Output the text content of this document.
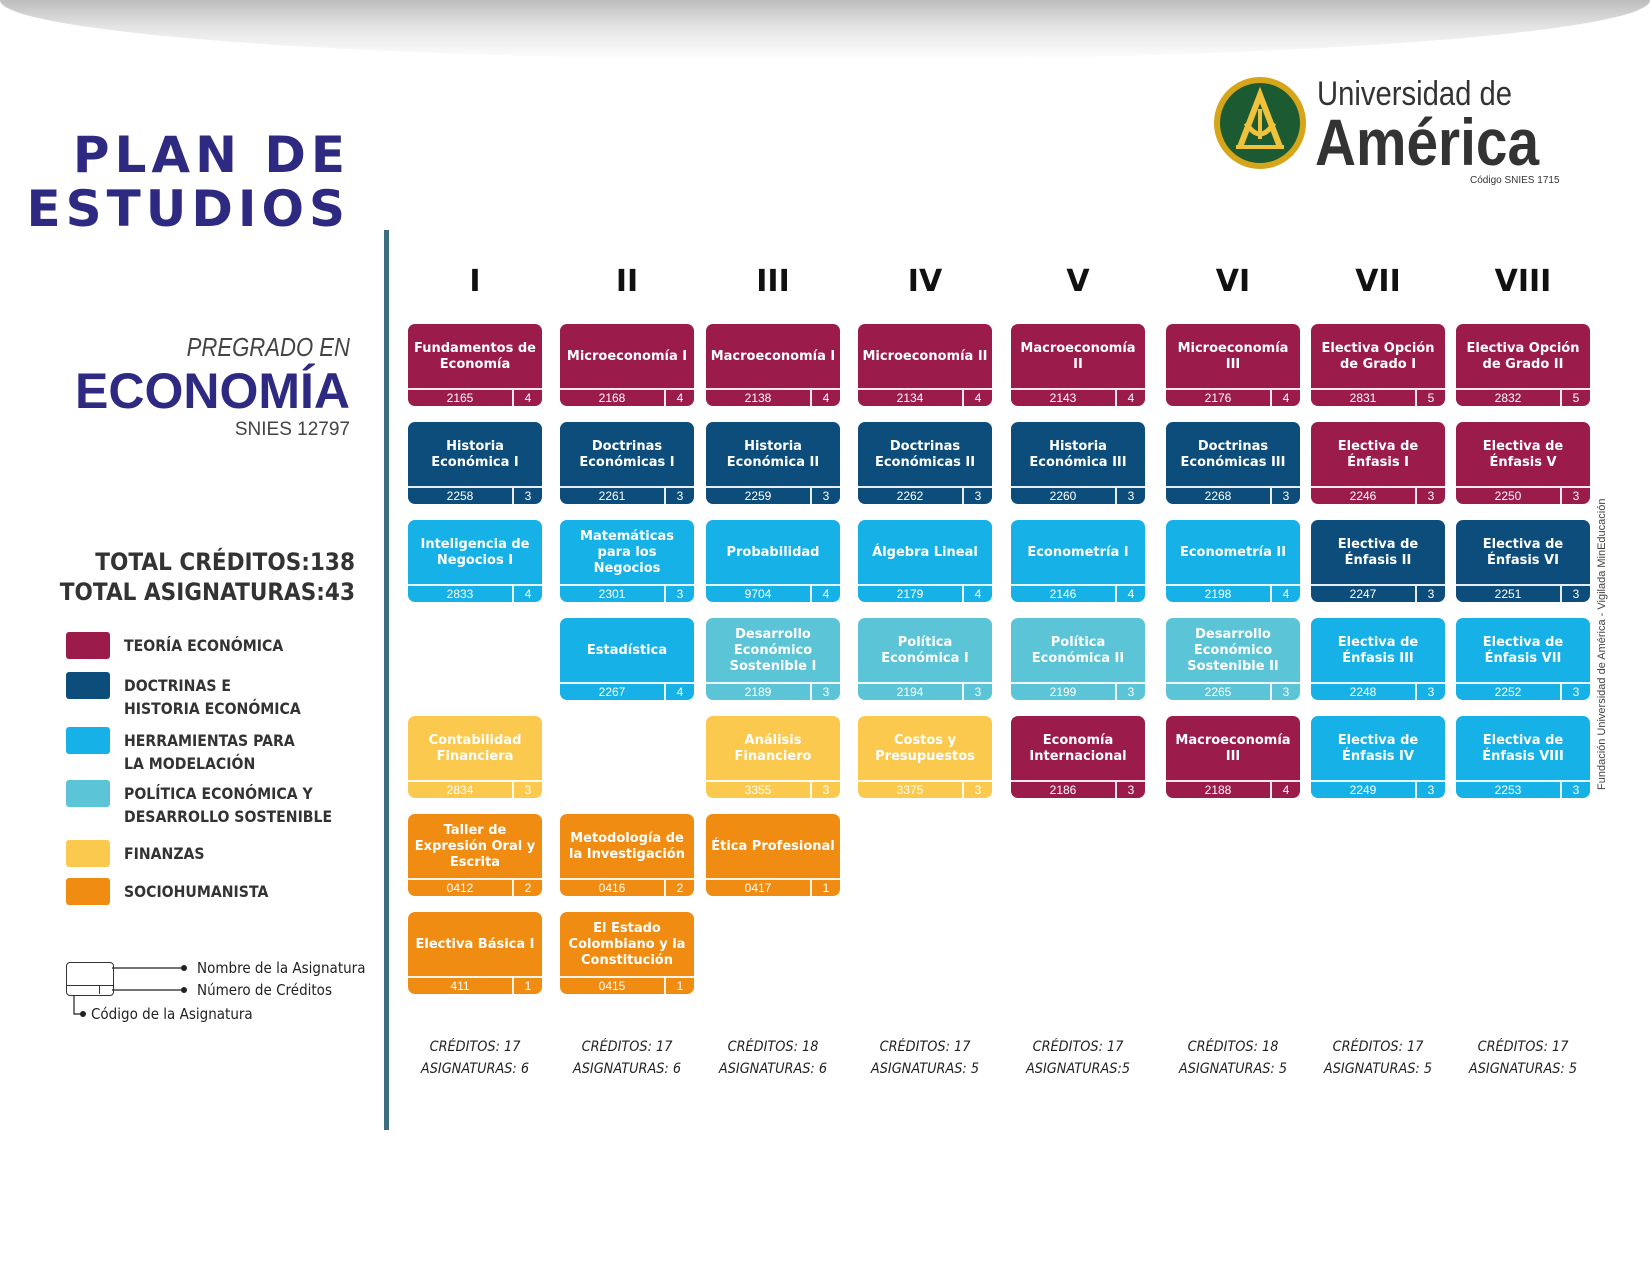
PLAN DE
ESTUDIOS
PREGRADO EN
ECONOMÍA
SNIES 12797
TOTAL CRÉDITOS:138
TOTAL ASIGNATURAS:43
TEORÍA ECONÓMICA
DOCTRINAS E
HISTORIA ECONÓMICA
HERRAMIENTAS PARA
LA MODELACIÓN
POLÍTICA ECONÓMICA Y
DESARROLLO SOSTENIBLE
FINANZAS
SOCIOHUMANISTA
Nombre de la Asignatura
Número de Créditos
Código de la Asignatura
I
CRÉDITOS: 17
ASIGNATURAS: 6
II
CRÉDITOS: 17
ASIGNATURAS: 6
III
CRÉDITOS: 18
ASIGNATURAS: 6
IV
CRÉDITOS: 17
ASIGNATURAS: 5
V
CRÉDITOS: 17
ASIGNATURAS:5
VI
CRÉDITOS: 18
ASIGNATURAS: 5
VII
CRÉDITOS: 17
ASIGNATURAS: 5
VIII
CRÉDITOS: 17
ASIGNATURAS: 5
Fundamentos de Economía
2165	4
Historia Económica I
2258	3
Inteligencia de Negocios I
2833	4
Contabilidad Financiera
2834	3
Taller de Expresión Oral y Escrita
0412	2
Electiva Básica I
411	1
Microeconomía I
2168	4
Doctrinas Económicas I
2261	3
Matemáticas para los Negocios
2301	3
Estadística
2267	4
Metodología de la Investigación
0416	2
El Estado Colombiano y la Constitución
0415	1
Macroeconomía I
2138	4
Historia Económica II
2259	3
Probabilidad
9704	4
Desarrollo Económico Sostenible I
2189	3
Análisis Financiero
3355	3
Ética Profesional
0417	1
Microeconomía II
2134	4
Doctrinas Económicas II
2262	3
Álgebra Lineal
2179	4
Política Económica I
2194	3
Costos y Presupuestos
3375	3
Macroeconomía II
2143	4
Historia Económica III
2260	3
Econometría I
2146	4
Política Económica II
2199	3
Economía Internacional
2186	3
Microeconomía III
2176	4
Doctrinas Económicas III
2268	3
Econometría II
2198	4
Desarrollo Económico Sostenible II
2265	3
Macroeconomía III
2188	4
Electiva Opción de Grado I
2831	5
Electiva de Énfasis I
2246	3
Electiva de Énfasis II
2247	3
Electiva de Énfasis III
2248	3
Electiva de Énfasis IV
2249	3
Electiva Opción de Grado II
2832	5
Electiva de Énfasis V
2250	3
Electiva de Énfasis VI
2251	3
Electiva de Énfasis VII
2252	3
Electiva de Énfasis VIII
2253	3
Universidad de
América
Código SNIES 1715
Fundación Universidad de América - Vigilada MinEducación
